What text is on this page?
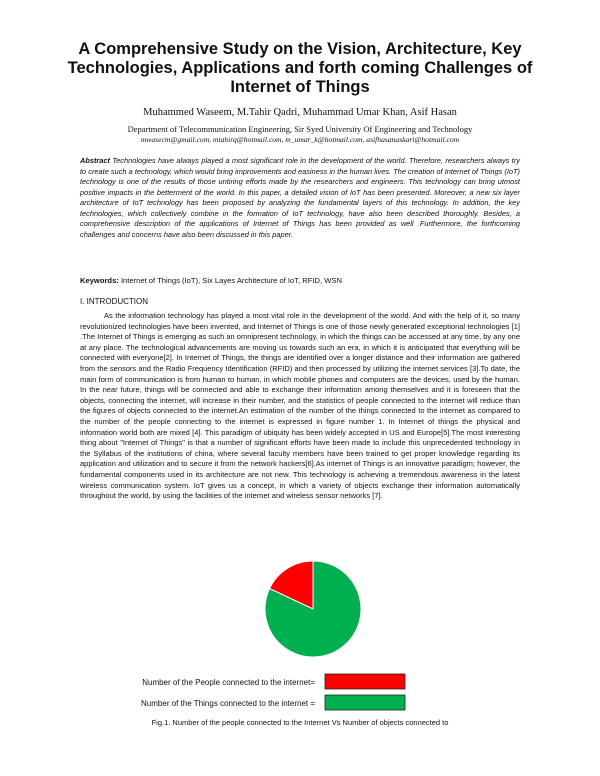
A Comprehensive Study on the Vision, Architecture, Key Technologies, Applications and forth coming Challenges of Internet of Things
Muhammed Waseem, M.Tahir Qadri, Muhammad Umar Khan, Asif Hasan
Department of Telecommunication Engineering, Sir Syed University Of Engineering and Technology
mwasecm@gmail.com, mtahirq@hotmail.com, m_umar_k@hotmail.com, asifhasanaskari@hotmail.com
Abstract Technologies have always played a most significant role in the development of the world. Therefore, researchers always try to create such a technology, which would bring improvements and easiness in the human lives. The creation of Internet of Things (IoT) technology is one of the results of those untiring efforts made by the researchers and engineers. This technology can bring utmost positive impacts in the betterment of the world. In this paper, a detailed vision of IoT has been presented. Moreover, a new six layer architecture of IoT technology has been proposed by analyzing the fundamental layers of this technology. In addition, the key technologies, which collectively combine in the formation of IoT technology, have also been described thoroughly. Besides, a comprehensive description of the applications of Internet of Things has been provided as well .Furthermore, the forthcoming challenges and concerns have also been discussed in this paper.
Keywords: Internet of Things (IoT), Six Layes Architecture of IoT, RFID, WSN
I. INTRODUCTION
As the information technology has played a most vital role in the development of the world. And with the help of it, so many revolutionized technologies have been invented, and Internet of Things is one of those newly generated exceptional technologies [1] .The Internet of Things is emerging as such an omnipresent technology, in which the things can be accessed at any time, by any one at any place. The technological advancements are moving us towards such an era, in which it is anticipated that everything will be connected with everyone[2]. In Internet of Things, the things are identified over a longer distance and their information are gathered from the sensors and the Radio Frequency Identification (RFID) and then processed by utilizing the internet services [3].To date, the main form of communication is from human to human, in which mobile phones and computers are the devices, used by the human. In the near future, things will be connected and able to exchange their information among themselves and it is foreseen that the objects, connecting the internet, will increase in their number, and the statistics of people connected to the internet will reduce than the figures of objects connected to the internet.An estimation of the number of the things connected to the internet as compared to the number of the people connecting to the internet is expressed in figure number 1. In Internet of things the physical and information world both are mixed [4]. This paradigm of ubiquity has been widely accepted in US and Europe[5].The most interesting thing about "Internet of Things" is that a number of significant efforts have been made to include this unprecedented technology in the Syllabus of the institutions of china, where several faculty members have been trained to get proper knowledge regarding its application and utilization and to secure it from the network hackers[6].As internet of Things is an innovative paradigm; however, the fundamental components used in its architecture are not new. This technology is achieving a tremendous awareness in the latest wireless communication system. IoT gives us a concept, in which a variety of objects exchange their information automatically throughout the world, by using the facilities of the internet and wireless sensor networks [7].
Number of the People connected to the internet=
Number of the Things connected to the internet =
Fig.1. Number of the people connected to the Internet Vs Number of objects connected to
